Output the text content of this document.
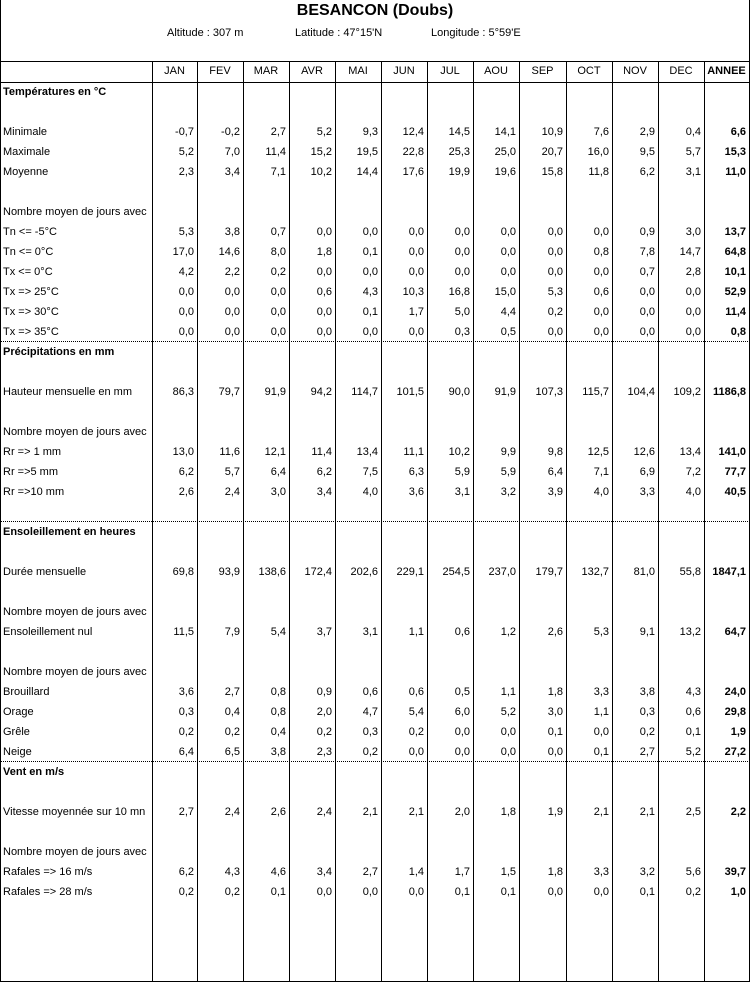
BESANCON (Doubs)
Altitude : 307 m	Latitude : 47°15'N	Longitude : 5°59'E
JAN	FEV	MAR	AVR	MAI	JUN	JUL	AOU	SEP	OCT	NOV	DEC	ANNEE
Températures en °C
Minimale	-0,7	-0,2	2,7	5,2	9,3	12,4	14,5	14,1	10,9	7,6	2,9	0,4	6,6
Maximale	5,2	7,0	11,4	15,2	19,5	22,8	25,3	25,0	20,7	16,0	9,5	5,7	15,3
Moyenne	2,3	3,4	7,1	10,2	14,4	17,6	19,9	19,6	15,8	11,8	6,2	3,1	11,0
Nombre moyen de jours avec
Tn <= -5°C	5,3	3,8	0,7	0,0	0,0	0,0	0,0	0,0	0,0	0,0	0,9	3,0	13,7
Tn <= 0°C	17,0	14,6	8,0	1,8	0,1	0,0	0,0	0,0	0,0	0,8	7,8	14,7	64,8
Tx <= 0°C	4,2	2,2	0,2	0,0	0,0	0,0	0,0	0,0	0,0	0,0	0,7	2,8	10,1
Tx => 25°C	0,0	0,0	0,0	0,6	4,3	10,3	16,8	15,0	5,3	0,6	0,0	0,0	52,9
Tx => 30°C	0,0	0,0	0,0	0,0	0,1	1,7	5,0	4,4	0,2	0,0	0,0	0,0	11,4
Tx => 35°C	0,0	0,0	0,0	0,0	0,0	0,0	0,3	0,5	0,0	0,0	0,0	0,0	0,8
Précipitations en mm
Hauteur mensuelle en mm	86,3	79,7	91,9	94,2	114,7	101,5	90,0	91,9	107,3	115,7	104,4	109,2	1186,8
Nombre moyen de jours avec
Rr => 1 mm	13,0	11,6	12,1	11,4	13,4	11,1	10,2	9,9	9,8	12,5	12,6	13,4	141,0
Rr =>5 mm	6,2	5,7	6,4	6,2	7,5	6,3	5,9	5,9	6,4	7,1	6,9	7,2	77,7
Rr =>10 mm	2,6	2,4	3,0	3,4	4,0	3,6	3,1	3,2	3,9	4,0	3,3	4,0	40,5
Ensoleillement en heures
Durée mensuelle	69,8	93,9	138,6	172,4	202,6	229,1	254,5	237,0	179,7	132,7	81,0	55,8	1847,1
Nombre moyen de jours avec
Ensoleillement nul	11,5	7,9	5,4	3,7	3,1	1,1	0,6	1,2	2,6	5,3	9,1	13,2	64,7
Nombre moyen de jours avec
Brouillard	3,6	2,7	0,8	0,9	0,6	0,6	0,5	1,1	1,8	3,3	3,8	4,3	24,0
Orage	0,3	0,4	0,8	2,0	4,7	5,4	6,0	5,2	3,0	1,1	0,3	0,6	29,8
Grêle	0,2	0,2	0,4	0,2	0,3	0,2	0,0	0,0	0,1	0,0	0,2	0,1	1,9
Neige	6,4	6,5	3,8	2,3	0,2	0,0	0,0	0,0	0,0	0,1	2,7	5,2	27,2
Vent en m/s
Vitesse moyennée sur 10 mn	2,7	2,4	2,6	2,4	2,1	2,1	2,0	1,8	1,9	2,1	2,1	2,5	2,2
Nombre moyen de jours avec
Rafales => 16 m/s	6,2	4,3	4,6	3,4	2,7	1,4	1,7	1,5	1,8	3,3	3,2	5,6	39,7
Rafales => 28 m/s	0,2	0,2	0,1	0,0	0,0	0,0	0,1	0,1	0,0	0,0	0,1	0,2	1,0
